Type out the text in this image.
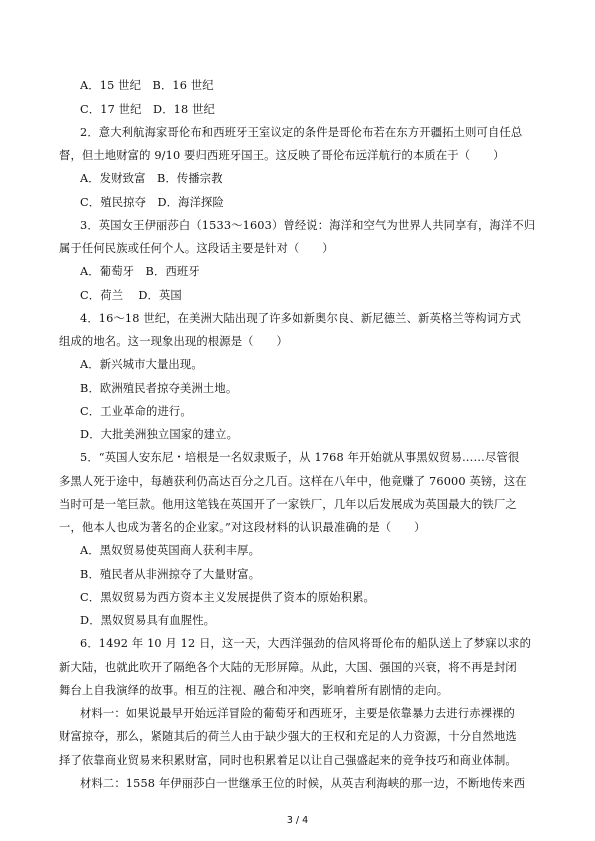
A．15 世纪　B．16 世纪
C．17 世纪　D．18 世纪
2．意大利航海家哥伦布和西班牙王室议定的条件是哥伦布若在东方开疆拓土则可自任总
督，但土地财富的 9/10 要归西班牙国王。这反映了哥伦布远洋航行的本质在于（　　）
A．发财致富　B．传播宗教
C．殖民掠夺　D．海洋探险
3．英国女王伊丽莎白（1533～1603）曾经说：海洋和空气为世界人共同享有，海洋不归
属于任何民族或任何个人。这段话主要是针对（　　）
A．葡萄牙　B．西班牙
C．荷兰　 D．英国
4．16～18 世纪，在美洲大陆出现了许多如新奥尔良、新尼德兰、新英格兰等构词方式
组成的地名。这一现象出现的根源是（　　）
A．新兴城市大量出现。
B．欧洲殖民者掠夺美洲土地。
C．工业革命的进行。
D．大批美洲独立国家的建立。
5．“英国人安东尼・培根是一名奴隶贩子，从 1768 年开始就从事黑奴贸易……尽管很
多黑人死于途中，每趟获利仍高达百分之几百。这样在八年中，他竟赚了 76000 英镑，这在
当时可是一笔巨款。他用这笔钱在英国开了一家铁厂，几年以后发展成为英国最大的铁厂之
一，他本人也成为著名的企业家。”对这段材料的认识最准确的是（　　）
A．黑奴贸易使英国商人获利丰厚。
B．殖民者从非洲掠夺了大量财富。
C．黑奴贸易为西方资本主义发展提供了资本的原始积累。
D．黑奴贸易具有血腥性。
6．1492 年 10 月 12 日，这一天，大西洋强劲的信风将哥伦布的船队送上了梦寐以求的
新大陆，也就此吹开了隔绝各个大陆的无形屏障。从此，大国、强国的兴衰，将不再是封闭
舞台上自我演绎的故事。相互的注视、融合和冲突，影响着所有剧情的走向。
材料一：如果说最早开始远洋冒险的葡萄牙和西班牙，主要是依靠暴力去进行赤裸裸的
财富掠夺，那么，紧随其后的荷兰人由于缺少强大的王权和充足的人力资源，十分自然地选
择了依靠商业贸易来积累财富，同时也积累着足以让自己强盛起来的竞争技巧和商业体制。
材料二：1558 年伊丽莎白一世继承王位的时候，从英吉利海峡的那一边，不断地传来西
3 / 4
